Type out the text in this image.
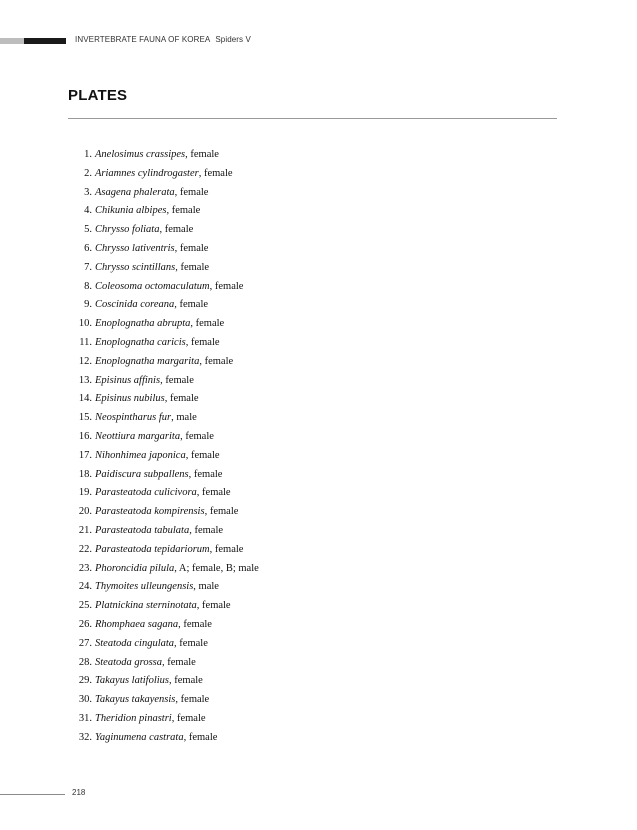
INVERTEBRATE FAUNA OF KOREA Spiders V
PLATES
1. Anelosimus crassipes , female
2. Ariamnes cylindrogaster , female
3. Asagena phalerata , female
4. Chikunia albipes , female
5. Chrysso foliata , female
6. Chrysso lativentris , female
7. Chrysso scintillans , female
8. Coleosoma octomaculatum , female
9. Coscinida coreana , female
10. Enoplognatha abrupta , female
11. Enoplognatha caricis , female
12. Enoplognatha margarita , female
13. Episinus affinis , female
14. Episinus nubilus , female
15. Neospintharus fur , male
16. Neottiura margarita , female
17. Nihonhimea japonica , female
18. Paidiscura subpallens , female
19. Parasteatoda culicivora , female
20. Parasteatoda kompirensis , female
21. Parasteatoda tabulata , female
22. Parasteatoda tepidariorum , female
23. Phoroncidia pilula , A; female, B; male
24. Thymoites ulleungensis , male
25. Platnickina sterninotata , female
26. Rhomphaea sagana , female
27. Steatoda cingulata , female
28. Steatoda grossa , female
29. Takayus latifolius , female
30. Takayus takayensis , female
31. Theridion pinastri , female
32. Yaginumena castrata , female
218
